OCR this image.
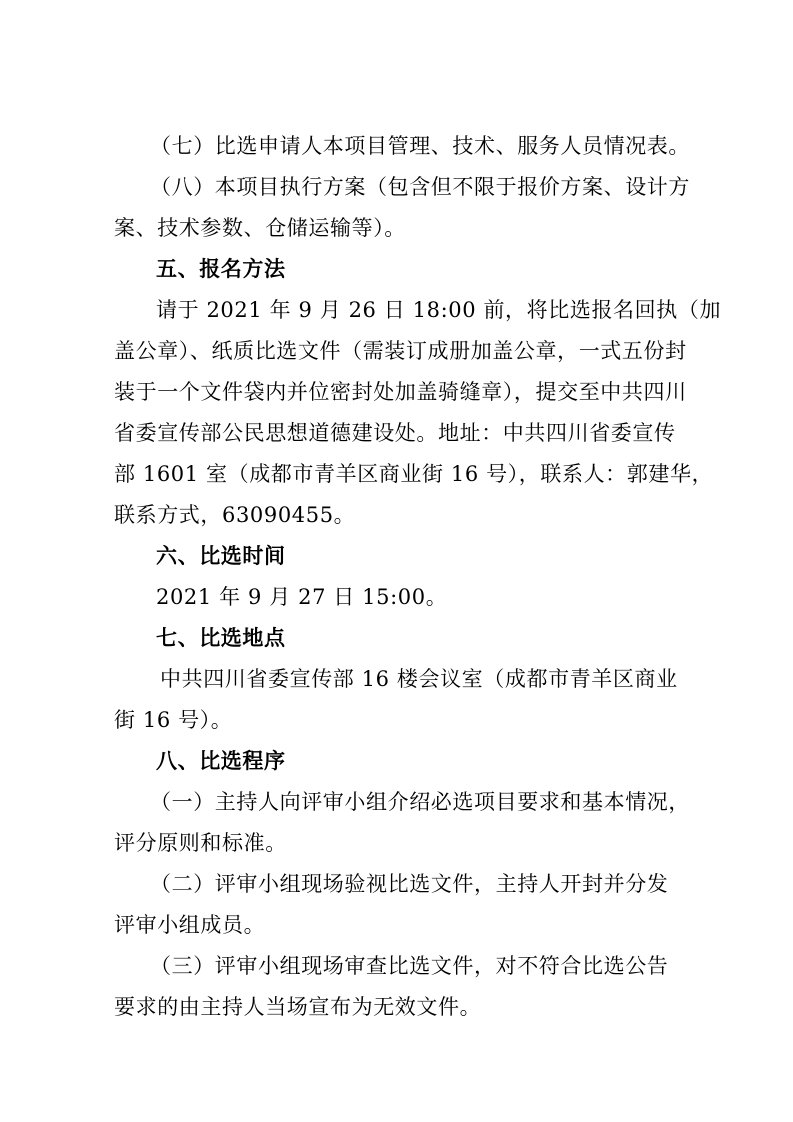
（七）比选申请人本项目管理、技术、服务人员情况表。
（八）本项目执行方案（包含但不限于报价方案、设计方
案、技术参数、仓储运输等）。
五、报名方法
请于 2021 年 9 月 26 日 18:00 前，将比选报名回执（加
盖公章）、纸质比选文件（需装订成册加盖公章，一式五份封
装于一个文件袋内并位密封处加盖骑缝章），提交至中共四川
省委宣传部公民思想道德建设处。地址：中共四川省委宣传
部 1601 室（成都市青羊区商业街 16 号），联系人：郭建华，
联系方式，63090455。
六、比选时间
2021 年 9 月 27 日 15:00。
七、比选地点
中共四川省委宣传部 16 楼会议室（成都市青羊区商业
街 16 号）。
八、比选程序
（一）主持人向评审小组介绍必选项目要求和基本情况，
评分原则和标准。
（二）评审小组现场验视比选文件，主持人开封并分发
评审小组成员。
（三）评审小组现场审查比选文件，对不符合比选公告
要求的由主持人当场宣布为无效文件。
